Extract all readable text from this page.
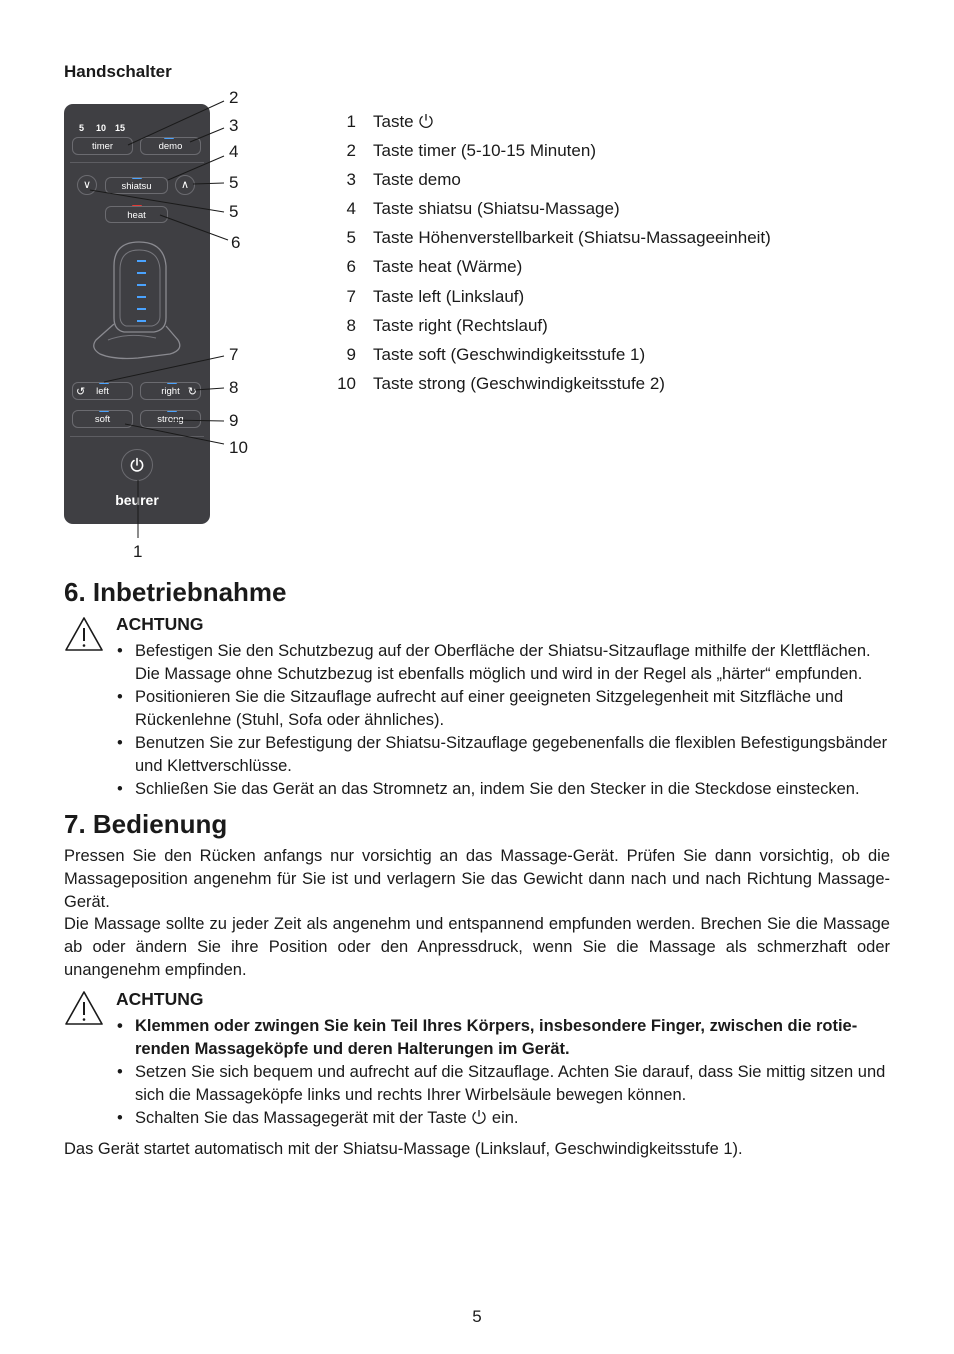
Handschalter
5 10 15
timer	demo
∨	shiatsu	∧
heat
↺ left	right ↻
soft	strong
beurer
2
3
4
5
5
6
7
8
9
10
1
1 Taste
2 Taste timer (5-10-15 Minuten)
3 Taste demo
4 Taste shiatsu (Shiatsu-Massage)
5 Taste Höhenverstellbarkeit (Shiatsu-Massageeinheit)
6 Taste heat (Wärme)
7 Taste left (Linkslauf)
8 Taste right (Rechtslauf)
9 Taste soft (Geschwindigkeitsstufe 1)
10 Taste strong (Geschwindigkeitsstufe 2)
6. Inbetriebnahme
ACHTUNG
• Befestigen Sie den Schutzbezug auf der Oberfläche der Shiatsu-Sitzauflage mithilfe der Klettflächen. Die Massage ohne Schutzbezug ist ebenfalls möglich und wird in der Regel als „härter“ empfunden.
• Positionieren Sie die Sitzauflage aufrecht auf einer geeigneten Sitzgelegenheit mit Sitzfläche und Rückenlehne (Stuhl, Sofa oder ähnliches).
• Benutzen Sie zur Befestigung der Shiatsu-Sitzauflage gegebenenfalls die flexiblen Befestigungsbänder und Klettverschlüsse.
• Schließen Sie das Gerät an das Stromnetz an, indem Sie den Stecker in die Steckdose einstecken.
7. Bedienung

Pressen Sie den Rücken anfangs nur vorsichtig an das Massage-Gerät. Prüfen Sie dann vorsichtig, ob die Massageposition angenehm für Sie ist und verlagern Sie das Gewicht dann nach und nach Richtung Massage-Gerät.

Die Massage sollte zu jeder Zeit als angenehm und entspannend empfunden werden. Brechen Sie die Massage ab oder ändern Sie ihre Position oder den Anpressdruck, wenn Sie die Massage als schmerzhaft oder unangenehm empfinden.

ACHTUNG
• Klemmen oder zwingen Sie kein Teil Ihres Körpers, insbesondere Finger, zwischen die rotierenden Massageköpfe und deren Halterungen im Gerät.
• Setzen Sie sich bequem und aufrecht auf die Sitzauflage. Achten Sie darauf, dass Sie mittig sitzen und sich die Massageköpfe links und rechts Ihrer Wirbelsäule bewegen können.
• Schalten Sie das Massagegerät mit der Taste ein.

Das Gerät startet automatisch mit der Shiatsu-Massage (Linkslauf, Geschwindigkeitsstufe 1).

5
